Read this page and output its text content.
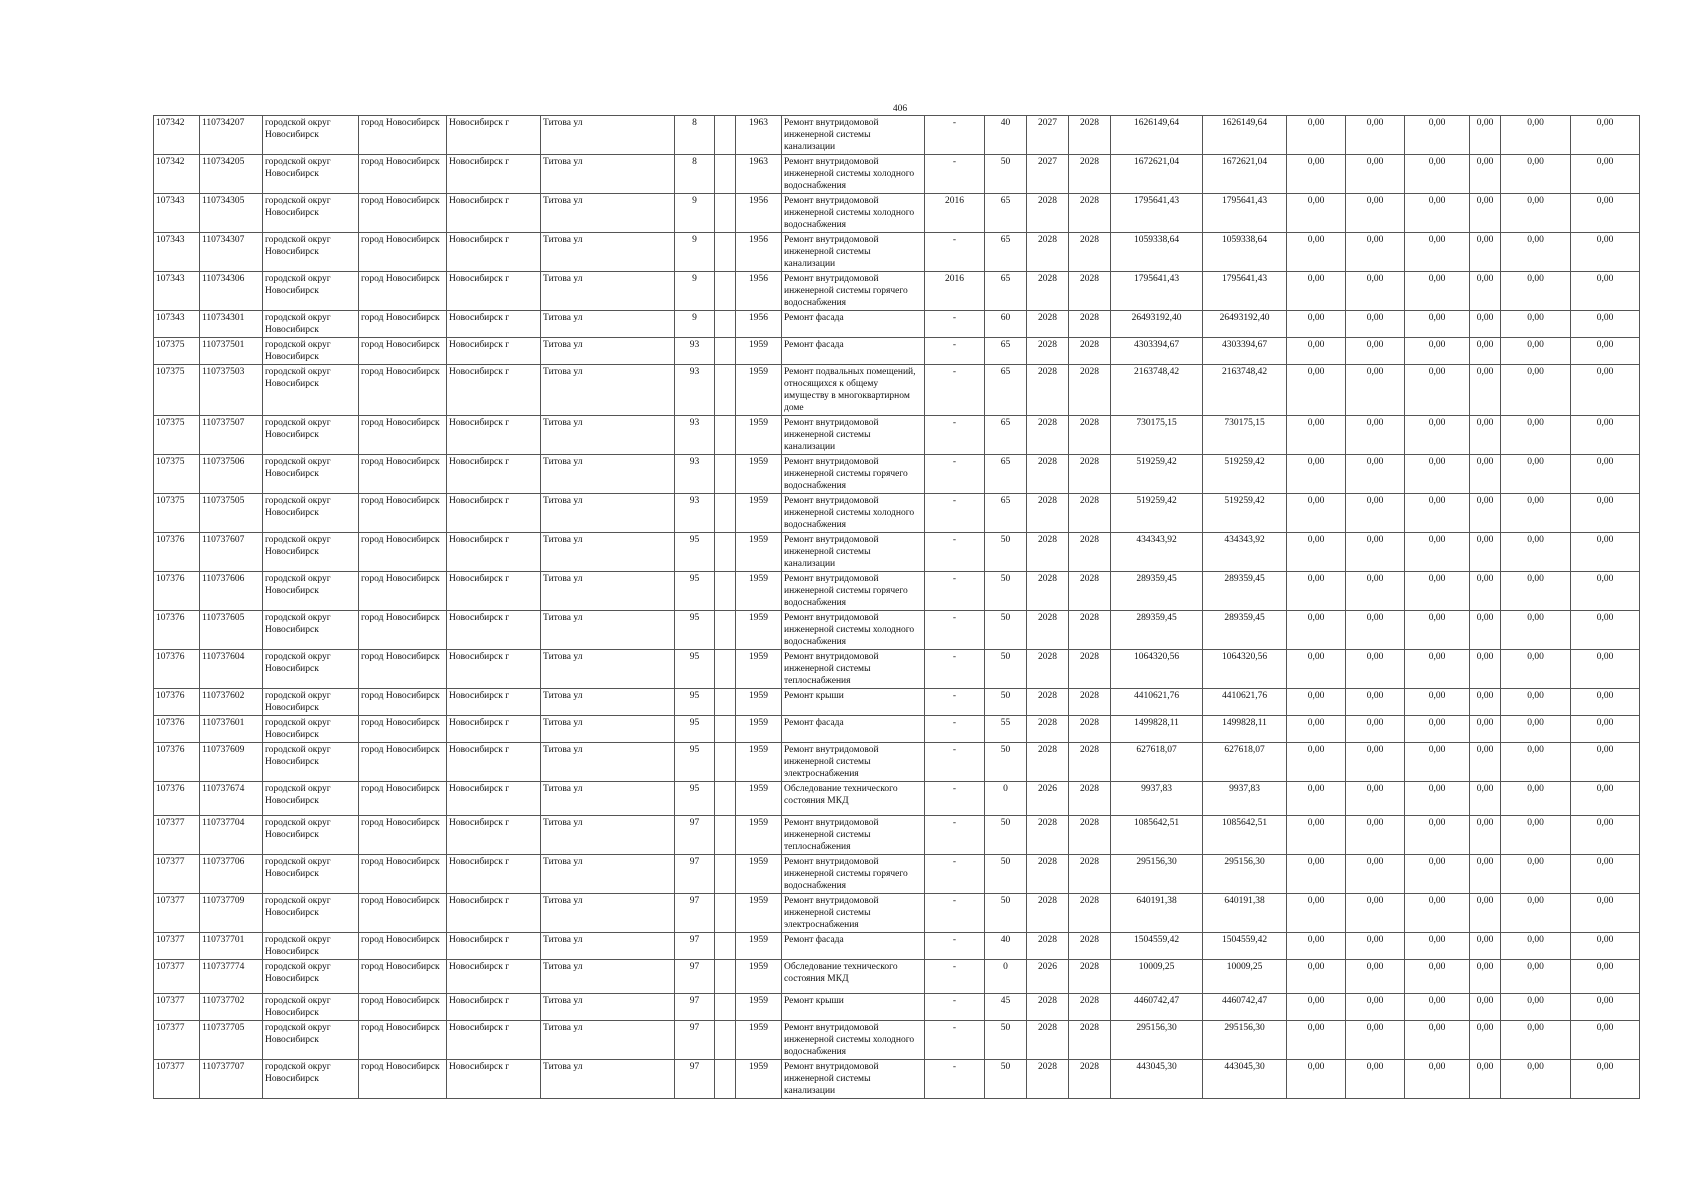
406
107342	110734207	городской округ Новосибирск	город Новосибирск	Новосибирск г	Титова ул	8		1963	Ремонт внутридомовой инженерной системы канализации	-	40	2027	2028	1626149,64	1626149,64	0,00	0,00	0,00	0,00	0,00	0,00
107342	110734205	городской округ Новосибирск	город Новосибирск	Новосибирск г	Титова ул	8		1963	Ремонт внутридомовой инженерной системы холодного водоснабжения	-	50	2027	2028	1672621,04	1672621,04	0,00	0,00	0,00	0,00	0,00	0,00
107343	110734305	городской округ Новосибирск	город Новосибирск	Новосибирск г	Титова ул	9		1956	Ремонт внутридомовой инженерной системы холодного водоснабжения	2016	65	2028	2028	1795641,43	1795641,43	0,00	0,00	0,00	0,00	0,00	0,00
107343	110734307	городской округ Новосибирск	город Новосибирск	Новосибирск г	Титова ул	9		1956	Ремонт внутридомовой инженерной системы канализации	-	65	2028	2028	1059338,64	1059338,64	0,00	0,00	0,00	0,00	0,00	0,00
107343	110734306	городской округ Новосибирск	город Новосибирск	Новосибирск г	Титова ул	9		1956	Ремонт внутридомовой инженерной системы горячего водоснабжения	2016	65	2028	2028	1795641,43	1795641,43	0,00	0,00	0,00	0,00	0,00	0,00
107343	110734301	городской округ Новосибирск	город Новосибирск	Новосибирск г	Титова ул	9		1956	Ремонт фасада	-	60	2028	2028	26493192,40	26493192,40	0,00	0,00	0,00	0,00	0,00	0,00
107375	110737501	городской округ Новосибирск	город Новосибирск	Новосибирск г	Титова ул	93		1959	Ремонт фасада	-	65	2028	2028	4303394,67	4303394,67	0,00	0,00	0,00	0,00	0,00	0,00
107375	110737503	городской округ Новосибирск	город Новосибирск	Новосибирск г	Титова ул	93		1959	Ремонт подвальных помещений, относящихся к общему имуществу в многоквартирном доме	-	65	2028	2028	2163748,42	2163748,42	0,00	0,00	0,00	0,00	0,00	0,00
107375	110737507	городской округ Новосибирск	город Новосибирск	Новосибирск г	Титова ул	93		1959	Ремонт внутридомовой инженерной системы канализации	-	65	2028	2028	730175,15	730175,15	0,00	0,00	0,00	0,00	0,00	0,00
107375	110737506	городской округ Новосибирск	город Новосибирск	Новосибирск г	Титова ул	93		1959	Ремонт внутридомовой инженерной системы горячего водоснабжения	-	65	2028	2028	519259,42	519259,42	0,00	0,00	0,00	0,00	0,00	0,00
107375	110737505	городской округ Новосибирск	город Новосибирск	Новосибирск г	Титова ул	93		1959	Ремонт внутридомовой инженерной системы холодного водоснабжения	-	65	2028	2028	519259,42	519259,42	0,00	0,00	0,00	0,00	0,00	0,00
107376	110737607	городской округ Новосибирск	город Новосибирск	Новосибирск г	Титова ул	95		1959	Ремонт внутридомовой инженерной системы канализации	-	50	2028	2028	434343,92	434343,92	0,00	0,00	0,00	0,00	0,00	0,00
107376	110737606	городской округ Новосибирск	город Новосибирск	Новосибирск г	Титова ул	95		1959	Ремонт внутридомовой инженерной системы горячего водоснабжения	-	50	2028	2028	289359,45	289359,45	0,00	0,00	0,00	0,00	0,00	0,00
107376	110737605	городской округ Новосибирск	город Новосибирск	Новосибирск г	Титова ул	95		1959	Ремонт внутридомовой инженерной системы холодного водоснабжения	-	50	2028	2028	289359,45	289359,45	0,00	0,00	0,00	0,00	0,00	0,00
107376	110737604	городской округ Новосибирск	город Новосибирск	Новосибирск г	Титова ул	95		1959	Ремонт внутридомовой инженерной системы теплоснабжения	-	50	2028	2028	1064320,56	1064320,56	0,00	0,00	0,00	0,00	0,00	0,00
107376	110737602	городской округ Новосибирск	город Новосибирск	Новосибирск г	Титова ул	95		1959	Ремонт крыши	-	50	2028	2028	4410621,76	4410621,76	0,00	0,00	0,00	0,00	0,00	0,00
107376	110737601	городской округ Новосибирск	город Новосибирск	Новосибирск г	Титова ул	95		1959	Ремонт фасада	-	55	2028	2028	1499828,11	1499828,11	0,00	0,00	0,00	0,00	0,00	0,00
107376	110737609	городской округ Новосибирск	город Новосибирск	Новосибирск г	Титова ул	95		1959	Ремонт внутридомовой инженерной системы электроснабжения	-	50	2028	2028	627618,07	627618,07	0,00	0,00	0,00	0,00	0,00	0,00
107376	110737674	городской округ Новосибирск	город Новосибирск	Новосибирск г	Титова ул	95		1959	Обследование технического состояния МКД	-	0	2026	2028	9937,83	9937,83	0,00	0,00	0,00	0,00	0,00	0,00
107377	110737704	городской округ Новосибирск	город Новосибирск	Новосибирск г	Титова ул	97		1959	Ремонт внутридомовой инженерной системы теплоснабжения	-	50	2028	2028	1085642,51	1085642,51	0,00	0,00	0,00	0,00	0,00	0,00
107377	110737706	городской округ Новосибирск	город Новосибирск	Новосибирск г	Титова ул	97		1959	Ремонт внутридомовой инженерной системы горячего водоснабжения	-	50	2028	2028	295156,30	295156,30	0,00	0,00	0,00	0,00	0,00	0,00
107377	110737709	городской округ Новосибирск	город Новосибирск	Новосибирск г	Титова ул	97		1959	Ремонт внутридомовой инженерной системы электроснабжения	-	50	2028	2028	640191,38	640191,38	0,00	0,00	0,00	0,00	0,00	0,00
107377	110737701	городской округ Новосибирск	город Новосибирск	Новосибирск г	Титова ул	97		1959	Ремонт фасада	-	40	2028	2028	1504559,42	1504559,42	0,00	0,00	0,00	0,00	0,00	0,00
107377	110737774	городской округ Новосибирск	город Новосибирск	Новосибирск г	Титова ул	97		1959	Обследование технического состояния МКД	-	0	2026	2028	10009,25	10009,25	0,00	0,00	0,00	0,00	0,00	0,00
107377	110737702	городской округ Новосибирск	город Новосибирск	Новосибирск г	Титова ул	97		1959	Ремонт крыши	-	45	2028	2028	4460742,47	4460742,47	0,00	0,00	0,00	0,00	0,00	0,00
107377	110737705	городской округ Новосибирск	город Новосибирск	Новосибирск г	Титова ул	97		1959	Ремонт внутридомовой инженерной системы холодного водоснабжения	-	50	2028	2028	295156,30	295156,30	0,00	0,00	0,00	0,00	0,00	0,00
107377	110737707	городской округ Новосибирск	город Новосибирск	Новосибирск г	Титова ул	97		1959	Ремонт внутридомовой инженерной системы канализации	-	50	2028	2028	443045,30	443045,30	0,00	0,00	0,00	0,00	0,00	0,00
